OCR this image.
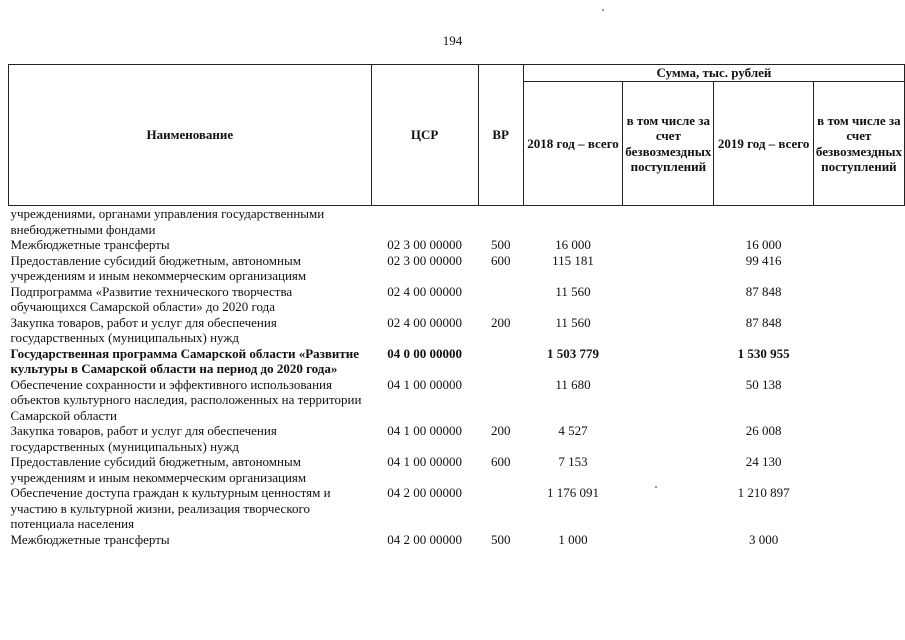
194
Наименование	ЦСР	ВР	Сумма, тыс. рублей			
			2018 год – всего	в том числе за счет безвозмездных поступлений	2019 год – всего	в том числе за счет безвозмездных поступлений
учреждениями, органами управления государственными внебюджетными фондами						
Межбюджетные трансферты	02 3 00 00000	500	16 000		16 000	
Предоставление субсидий бюджетным, автономным учреждениям и иным некоммерческим организациям	02 3 00 00000	600	115 181		99 416	
Подпрограмма «Развитие технического творчества обучающихся Самарской области» до 2020 года	02 4 00 00000		11 560		87 848	
Закупка товаров, работ и услуг для обеспечения государственных (муниципальных) нужд	02 4 00 00000	200	11 560		87 848	
Государственная программа Самарской области «Развитие культуры в Самарской области на период до 2020 года»	04 0 00 00000		1 503 779		1 530 955	
Обеспечение сохранности и эффективного использования объектов культурного наследия, расположенных на территории Самарской области	04 1 00 00000		11 680		50 138	
Закупка товаров, работ и услуг для обеспечения государственных (муниципальных) нужд	04 1 00 00000	200	4 527		26 008	
Предоставление субсидий бюджетным, автономным учреждениям и иным некоммерческим организациям	04 1 00 00000	600	7 153		24 130	
Обеспечение доступа граждан к культурным ценностям и участию в культурной жизни, реализация творческого потенциала населения	04 2 00 00000		1 176 091		1 210 897	
Межбюджетные трансферты	04 2 00 00000	500	1 000		3 000	
